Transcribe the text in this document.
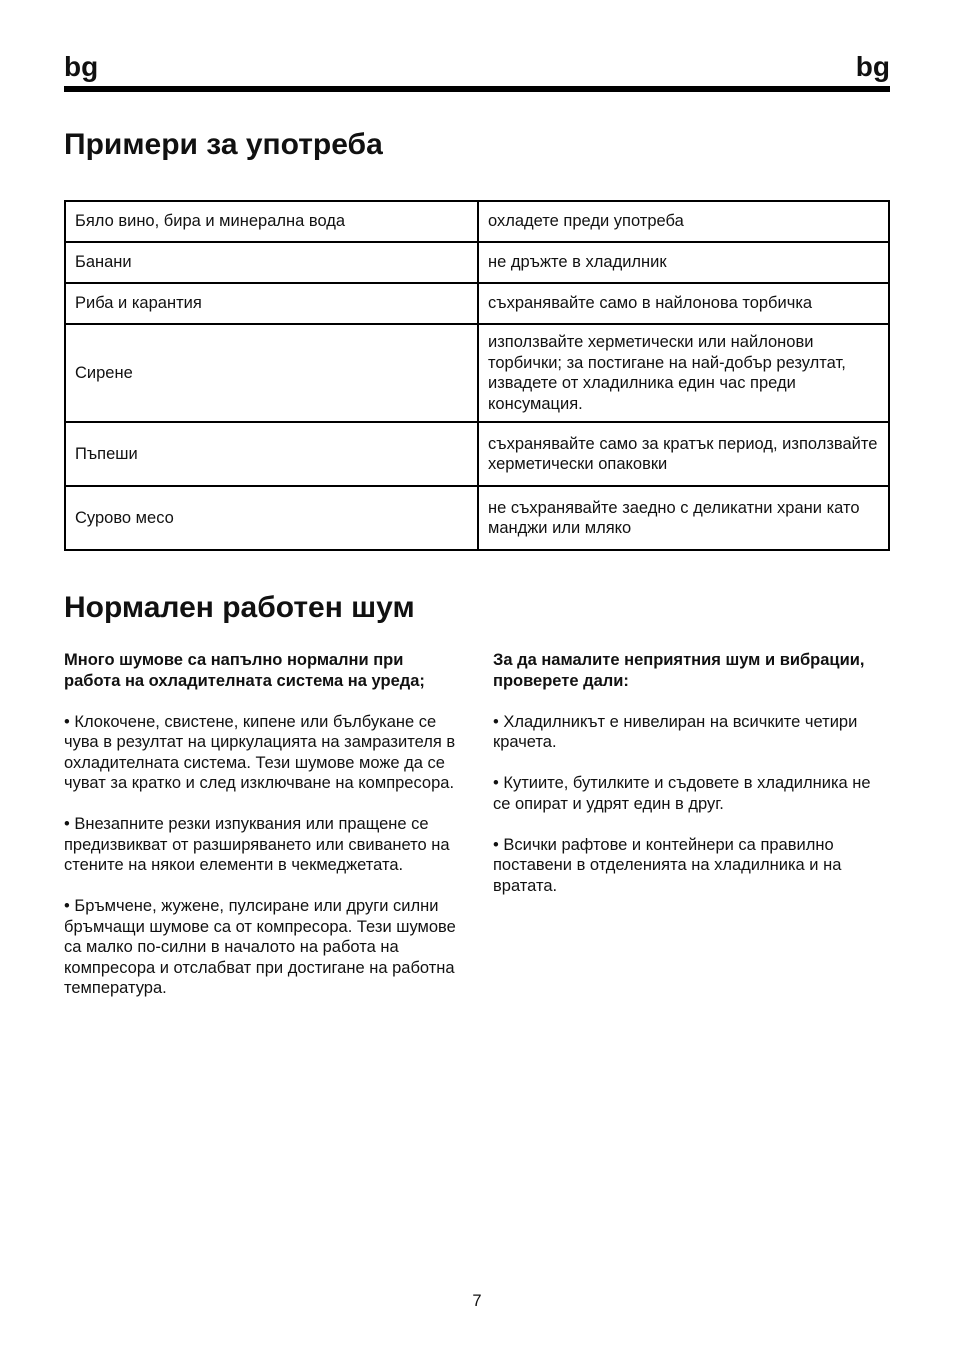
bg	bg
Примери за употреба
Бяло вино, бира и минерална вода	охладете преди употреба
Банани	не дръжте в хладилник
Риба и карантия	съхранявайте само в найлонова торбичка
Сирене	използвайте херметически или найлонови торбички; за постигане на най-добър резултат, извадете от хладилника един час преди консумация.
Пъпеши	съхранявайте само за кратък период, използвайте херметически опаковки
Сурово месо	не съхранявайте заедно с деликатни храни като манджи или мляко
Нормален работен шум

Много шумове са напълно нормални при работа на охладителната система на уреда;

• Клокочене, свистене, кипене или бълбукане се чува в резултат на циркулацията на замразителя в охладителната система. Тези шумове може да се чуват за кратко и след изключване на компресора.

• Внезапните резки изпуквания или пращене се предизвикват от разширяването или свиването на стените на някои елементи в чекмеджетата.

• Бръмчене, жужене, пулсиране или други силни бръмчащи шумове са от компресора. Тези шумове са малко по-силни в началото на работа на компресора и отслабват при достигане на работна температура.

За да намалите неприятния шум и вибрации, проверете дали:

• Хладилникът е нивелиран на всичките четири крачета.

• Кутиите, бутилките и съдовете в хладилника не се опират и удрят един в друг.

• Всички рафтове и контейнери са правилно поставени в отделенията на хладилника и на вратата.

7
